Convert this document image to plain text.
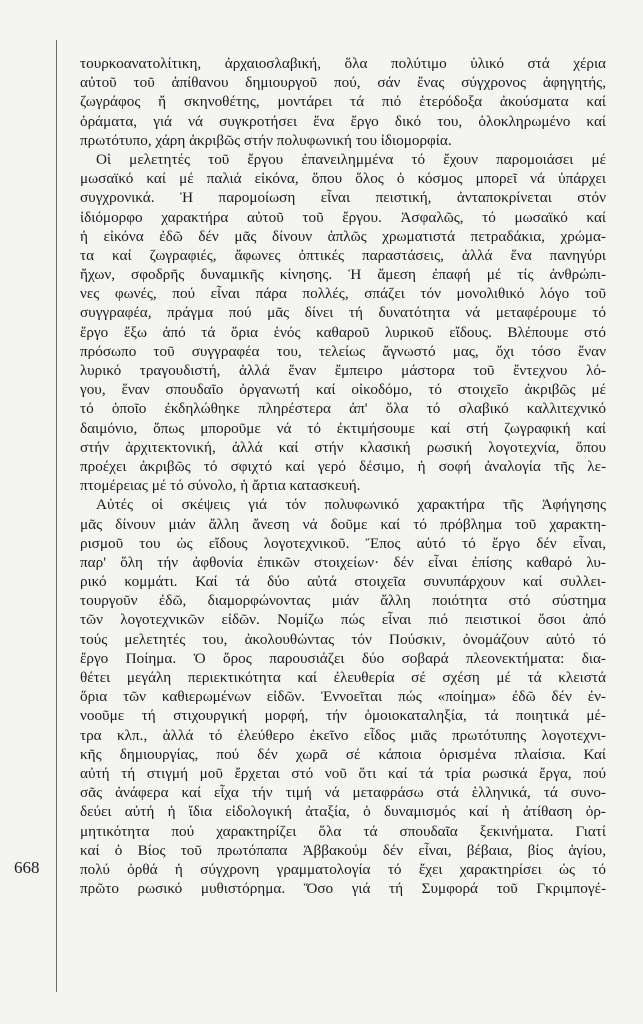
668
τουρκοανατολίτικη, ἀρχαιοσλαβική, ὅλα πολύτιμο ὑλικό στά χέρια
αὐτοῦ τοῦ ἀπίθανου δημιουργοῦ πού, σάν ἕνας σύγχρονος ἀφηγητής,
ζωγράφος ἤ σκηνοθέτης, μοντάρει τά πιό ἑτερόδοξα ἀκούσματα καί
ὁράματα, γιά νά συγκροτήσει ἕνα ἔργο δικό του, ὁλοκληρωμένο καί
πρωτότυπο, χάρη ἀκριβῶς στήν πολυφωνική του ἰδιομορφία.
Οἱ μελετητές τοῦ ἔργου ἐπανειλημμένα τό ἔχουν παρομοιάσει μέ
μωσαϊκό καί μέ παλιά εἰκόνα, ὅπου ὅλος ὁ κόσμος μπορεῖ νά ὑπάρχει
συγχρονικά. Ἡ παρομοίωση εἶναι πειστική, ἀνταποκρίνεται στόν
ἰδιόμορφο χαρακτήρα αὐτοῦ τοῦ ἔργου. Ἀσφαλῶς, τό μωσαϊκό καί
ἡ εἰκόνα ἐδῶ δέν μᾶς δίνουν ἁπλῶς χρωματιστά πετραδάκια, χρώμα-
τα καί ζωγραφιές, ἄφωνες ὀπτικές παραστάσεις, ἀλλά ἕνα πανηγύρι
ἤχων, σφοδρῆς δυναμικῆς κίνησης. Ἡ ἄμεση ἐπαφή μέ τίς ἀνθρώπι-
νες φωνές, πού εἶναι πάρα πολλές, σπάζει τόν μονολιθικό λόγο τοῦ
συγγραφέα, πράγμα πού μᾶς δίνει τή δυνατότητα νά μεταφέρουμε τό
ἔργο ἔξω ἀπό τά ὅρια ἑνός καθαροῦ λυρικοῦ εἴδους. Βλέπουμε στό
πρόσωπο τοῦ συγγραφέα του, τελείως ἄγνωστό μας, ὄχι τόσο ἕναν
λυρικό τραγουδιστή, ἀλλά ἕναν ἔμπειρο μάστορα τοῦ ἔντεχνου λό-
γου, ἕναν σπουδαῖο ὀργανωτή καί οἰκοδόμο, τό στοιχεῖο ἀκριβῶς μέ
τό ὁποῖο ἐκδηλώθηκε πληρέστερα ἀπ' ὅλα τό σλαβικό καλλιτεχνικό
δαιμόνιο, ὅπως μποροῦμε νά τό ἐκτιμήσουμε καί στή ζωγραφική καί
στήν ἀρχιτεκτονική, ἀλλά καί στήν κλασική ρωσική λογοτεχνία, ὅπου
προέχει ἀκριβῶς τό σφιχτό καί γερό δέσιμο, ἡ σοφή ἀναλογία τῆς λε-
πτομέρειας μέ τό σύνολο, ἡ ἄρτια κατασκευή.
Αὐτές οἱ σκέψεις γιά τόν πολυφωνικό χαρακτήρα τῆς Ἀφήγησης
μᾶς δίνουν μιάν ἄλλη ἄνεση νά δοῦμε καί τό πρόβλημα τοῦ χαρακτη-
ρισμοῦ του ὡς εἴδους λογοτεχνικοῦ. Ἔπος αὐτό τό ἔργο δέν εἶναι,
παρ' ὅλη τήν ἀφθονία ἐπικῶν στοιχείων· δέν εἶναι ἐπίσης καθαρό λυ-
ρικό κομμάτι. Καί τά δύο αὐτά στοιχεῖα συνυπάρχουν καί συλλει-
τουργοῦν ἐδῶ, διαμορφώνοντας μιάν ἄλλη ποιότητα στό σύστημα
τῶν λογοτεχνικῶν εἰδῶν. Νομίζω πώς εἶναι πιό πειστικοί ὅσοι ἀπό
τούς μελετητές του, ἀκολουθώντας τόν Πούσκιν, ὀνομάζουν αὐτό τό
ἔργο Ποίημα. Ὁ ὅρος παρουσιάζει δύο σοβαρά πλεονεκτήματα: δια-
θέτει μεγάλη περιεκτικότητα καί ἐλευθερία σέ σχέση μέ τά κλειστά
ὅρια τῶν καθιερωμένων εἰδῶν. Ἐννοεῖται πώς «ποίημα» ἐδῶ δέν ἐν-
νοοῦμε τή στιχουργική μορφή, τήν ὁμοιοκαταληξία, τά ποιητικά μέ-
τρα κλπ., ἀλλά τό ἐλεύθερο ἐκεῖνο εἶδος μιᾶς πρωτότυπης λογοτεχνι-
κῆς δημιουργίας, πού δέν χωρᾶ σέ κάποια ὁρισμένα πλαίσια. Καί
αὐτή τή στιγμή μοῦ ἔρχεται στό νοῦ ὅτι καί τά τρία ρωσικά ἔργα, πού
σᾶς ἀνάφερα καί εἶχα τήν τιμή νά μεταφράσω στά ἑλληνικά, τά συνο-
δεύει αὐτή ἡ ἴδια εἰδολογική ἀταξία, ὁ δυναμισμός καί ἡ ἀτίθαση ὁρ-
μητικότητα πού χαρακτηρίζει ὅλα τά σπουδαῖα ξεκινήματα. Γιατί
καί ὁ Βίος τοῦ πρωτόπαπα Ἀββακούμ δέν εἶναι, βέβαια, βίος ἁγίου,
πολύ ὀρθά ἡ σύγχρονη γραμματολογία τό ἔχει χαρακτηρίσει ὡς τό
πρῶτο ρωσικό μυθιστόρημα. Ὅσο γιά τή Συμφορά τοῦ Γκριμπογέ-
